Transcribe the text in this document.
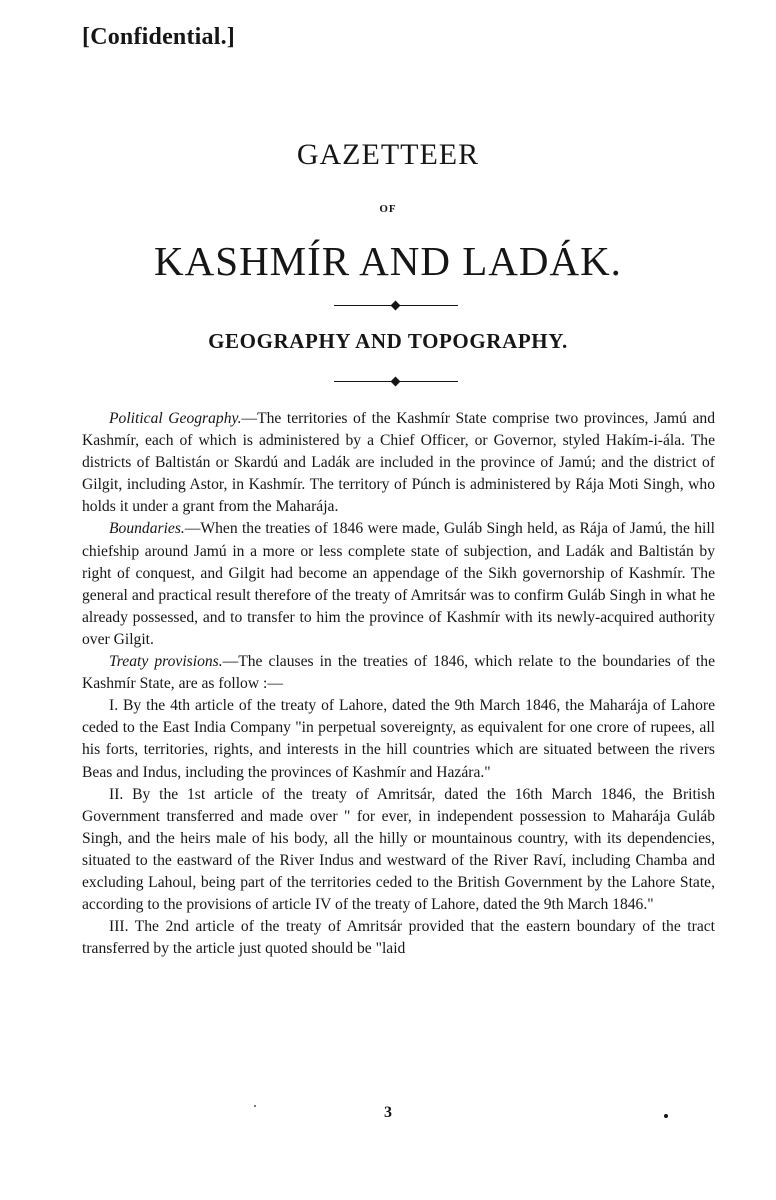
[Confidential.]
GAZETTEER
OF
KASHMÍR AND LADÁK.
GEOGRAPHY AND TOPOGRAPHY.

Political Geography.—The territories of the Kashmír State comprise two provinces, Jamú and Kashmír, each of which is administered by a Chief Officer, or Governor, styled Hakím-i-ála. The districts of Baltistán or Skardú and Ladák are included in the province of Jamú; and the district of Gilgit, including Astor, in Kashmír. The territory of Púnch is administered by Rája Moti Singh, who holds it under a grant from the Maharája.

Boundaries.—When the treaties of 1846 were made, Guláb Singh held, as Rája of Jamú, the hill chiefship around Jamú in a more or less complete state of subjection, and Ladák and Baltistán by right of conquest, and Gilgit had become an appendage of the Sikh governorship of Kashmír. The general and practical result therefore of the treaty of Amritsár was to confirm Guláb Singh in what he already possessed, and to transfer to him the province of Kashmír with its newly-acquired authority over Gilgit.

Treaty provisions.—The clauses in the treaties of 1846, which relate to the boundaries of the Kashmír State, are as follow :—

I. By the 4th article of the treaty of Lahore, dated the 9th March 1846, the Maharája of Lahore ceded to the East India Company "in perpetual sovereignty, as equivalent for one crore of rupees, all his forts, territories, rights, and interests in the hill countries which are situated between the rivers Beas and Indus, including the provinces of Kashmír and Hazára."

II. By the 1st article of the treaty of Amritsár, dated the 16th March 1846, the British Government transferred and made over " for ever, in independent possession to Maharája Guláb Singh, and the heirs male of his body, all the hilly or mountainous country, with its dependencies, situated to the eastward of the River Indus and westward of the River Raví, including Chamba and excluding Lahoul, being part of the territories ceded to the British Government by the Lahore State, according to the provisions of article IV of the treaty of Lahore, dated the 9th March 1846."

III. The 2nd article of the treaty of Amritsár provided that the eastern boundary of the tract transferred by the article just quoted should be "laid

3
